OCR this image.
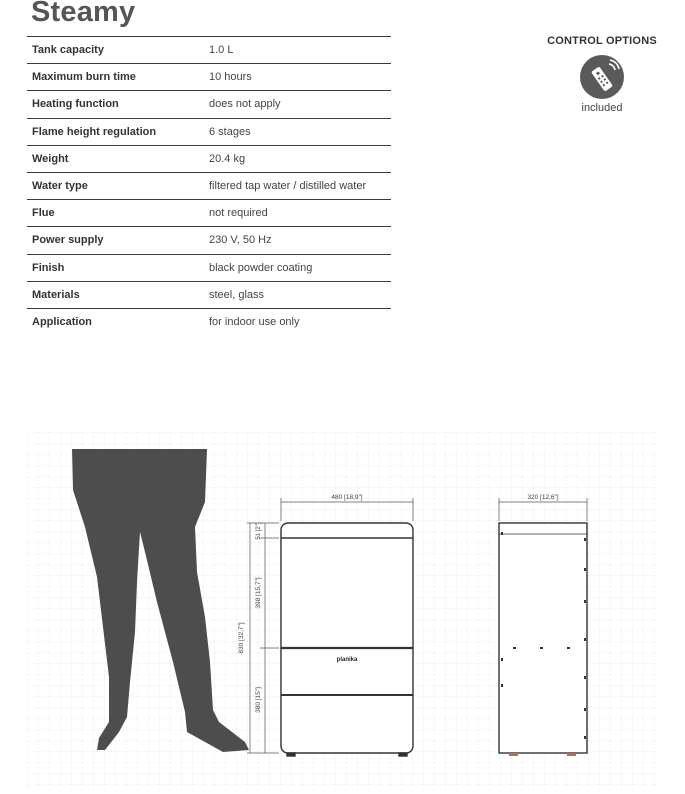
Steamy
Tank capacity	1.0 L
Maximum burn time	10 hours
Heating function	does not apply
Flame height regulation	6 stages
Weight	20.4 kg
Water type	filtered tap water / distilled water
Flue	not required
Power supply	230 V, 50 Hz
Finish	black powder coating
Materials	steel, glass
Application	for indoor use only
CONTROL OPTIONS
included
planika
480 [18,9"]
830 [32,7"]
51 [2"]
398 [15,7"]
380 [15"]
320 [12,6"]
